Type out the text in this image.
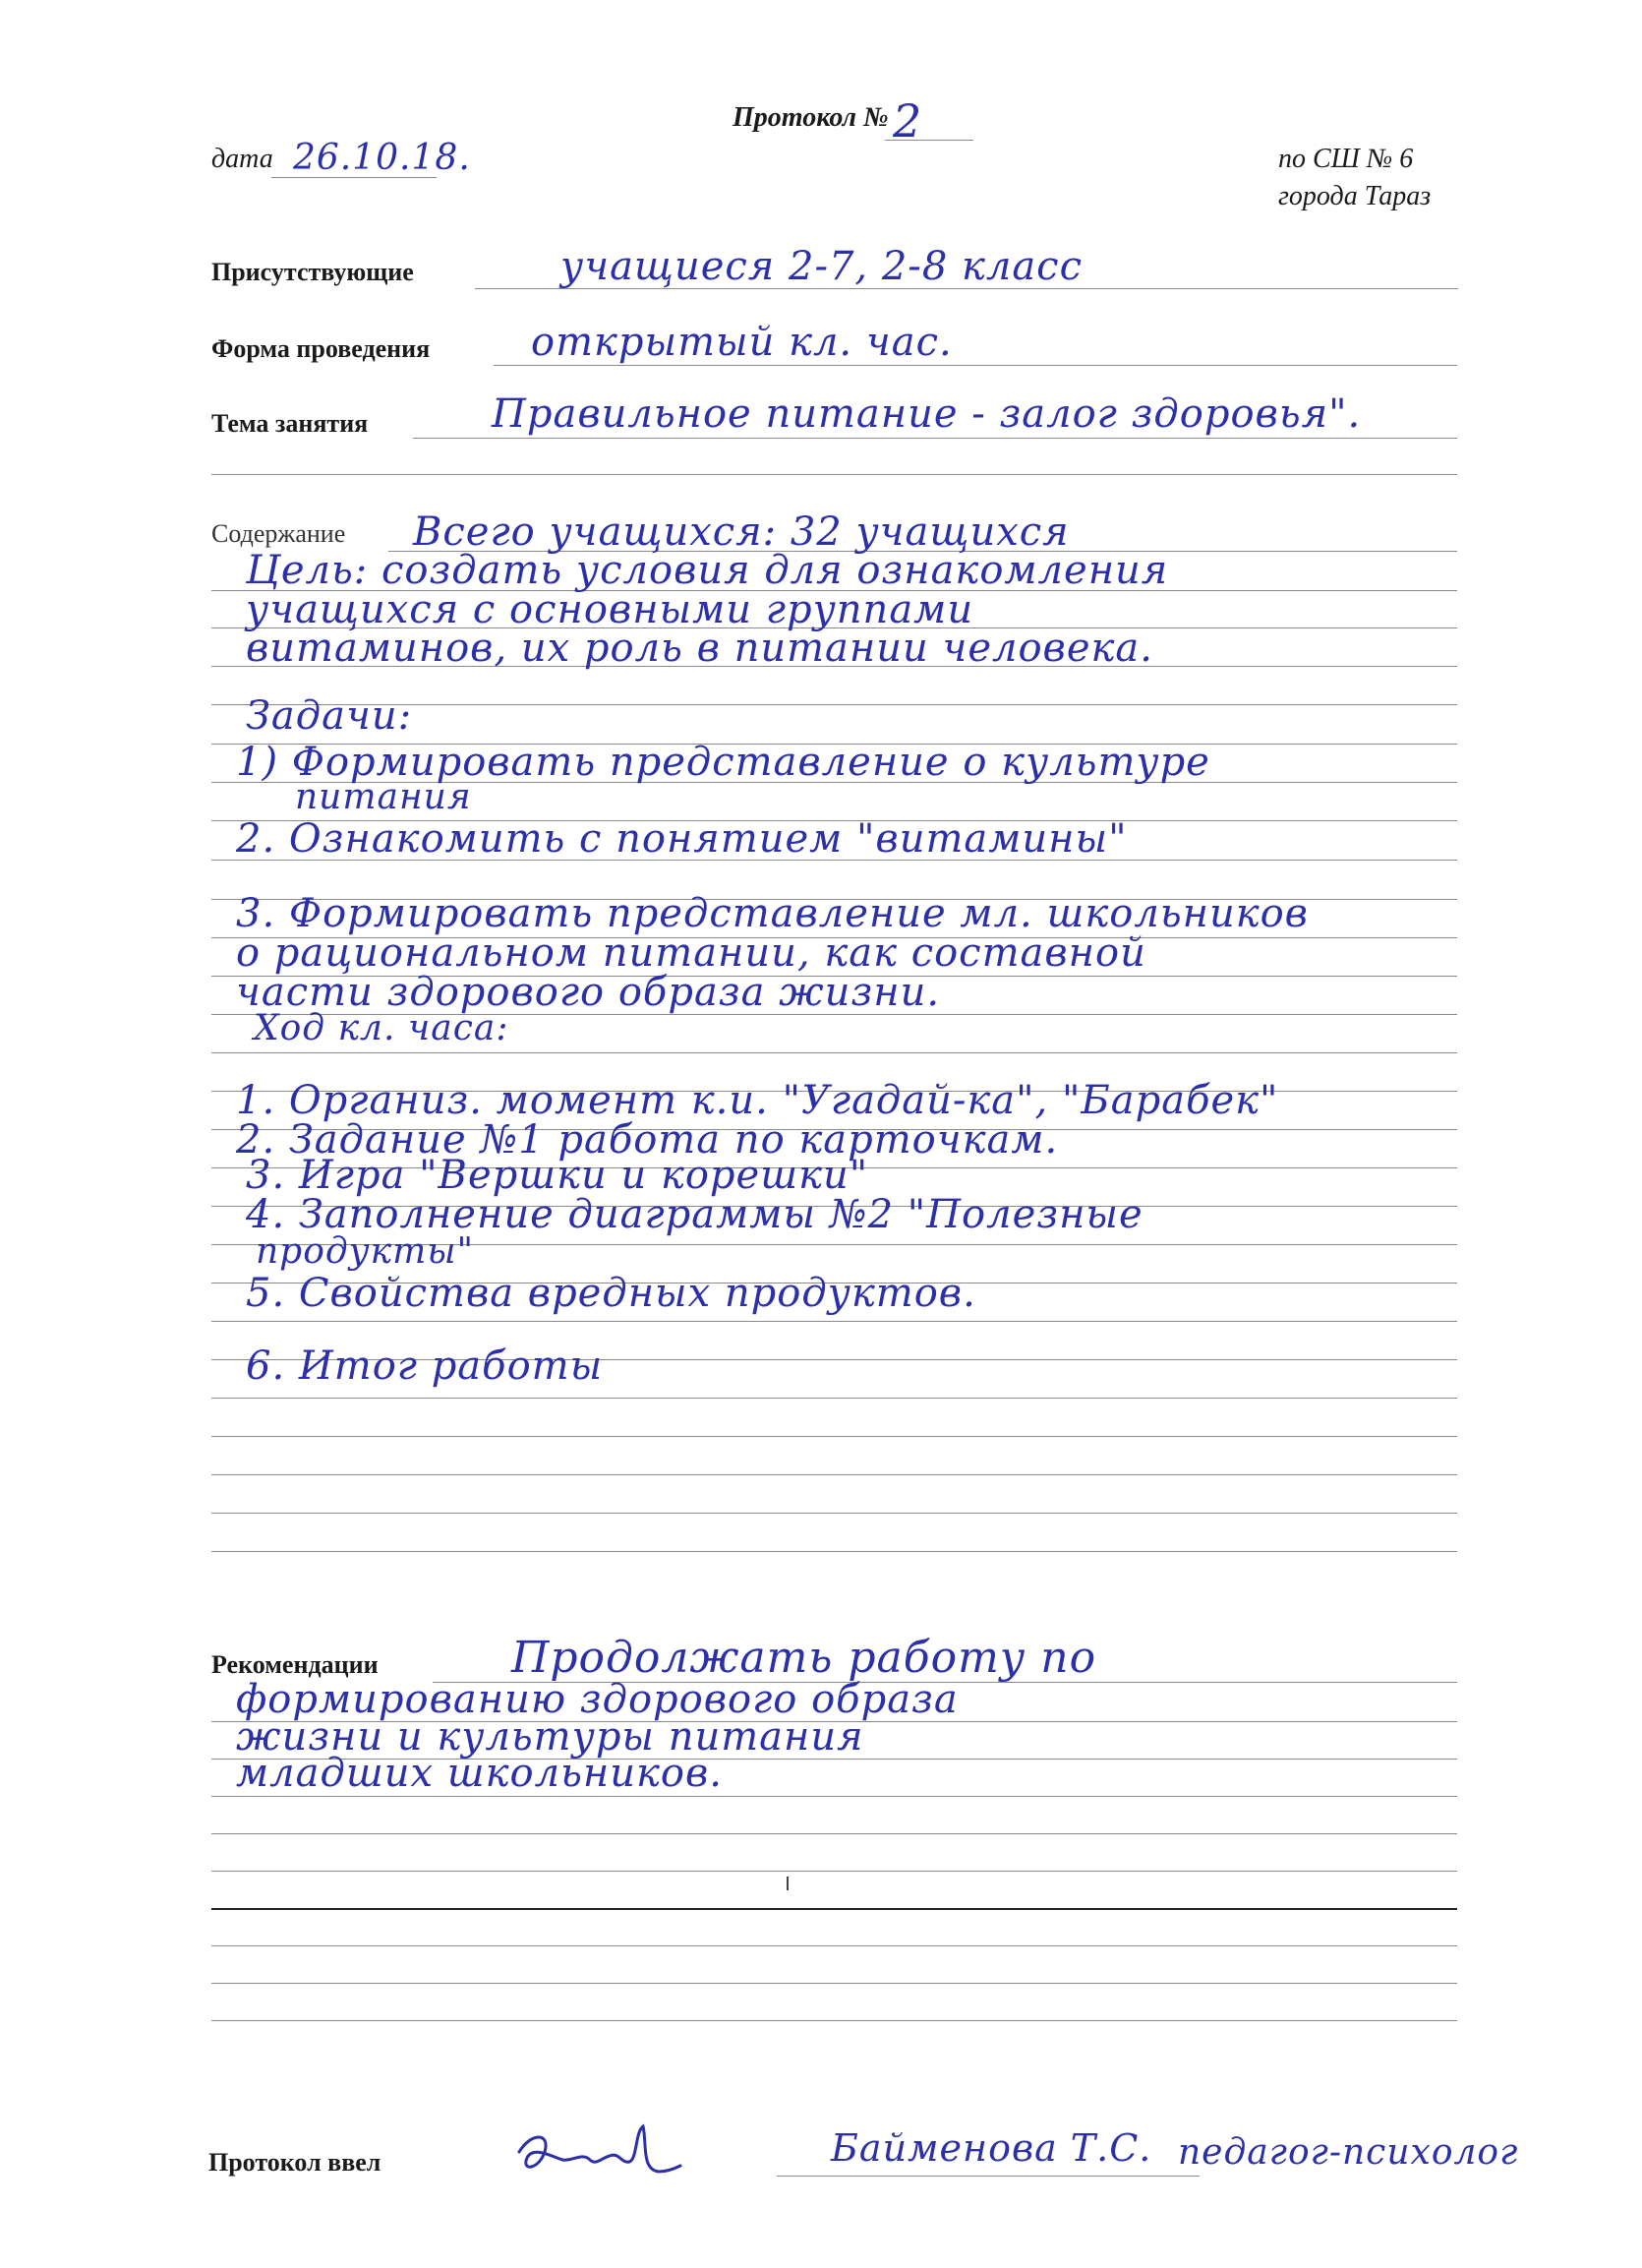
Протокол № 2
дата 26.10.18.	по СШ № 6
города Тараз
Присутствующие	учащиеся 2-7, 2-8 класс
Форма проведения	открытый кл. час.
Тема занятия	Правильное питание - залог здоровья".
Содержание Всего учащихся: 32 учащихся
Цель: создать условия для ознакомления
учащихся с основными группами
витаминов, их роль в питании человека.
Задачи:
1) Формировать представление о культуре
питания
2. Ознакомить с понятием "витамины"
3. Формировать представление мл. школьников
о рациональном питании, как составной
части здорового образа жизни.
Ход кл. часа:
1. Организ. момент к.и. "Угадай-ка", "Барабек"
2. Задание №1 работа по карточкам.
3. Игра "Вершки и корешки"
4. Заполнение диаграммы №2 "Полезные
продукты"
5. Свойства вредных продуктов.
6. Итог работы
Рекомендации	Продолжать работу по
формированию здорового образа
жизни и культуры питания
младших школьников.
Протокол ввел	Байменова Т.С. педагог-психолог
